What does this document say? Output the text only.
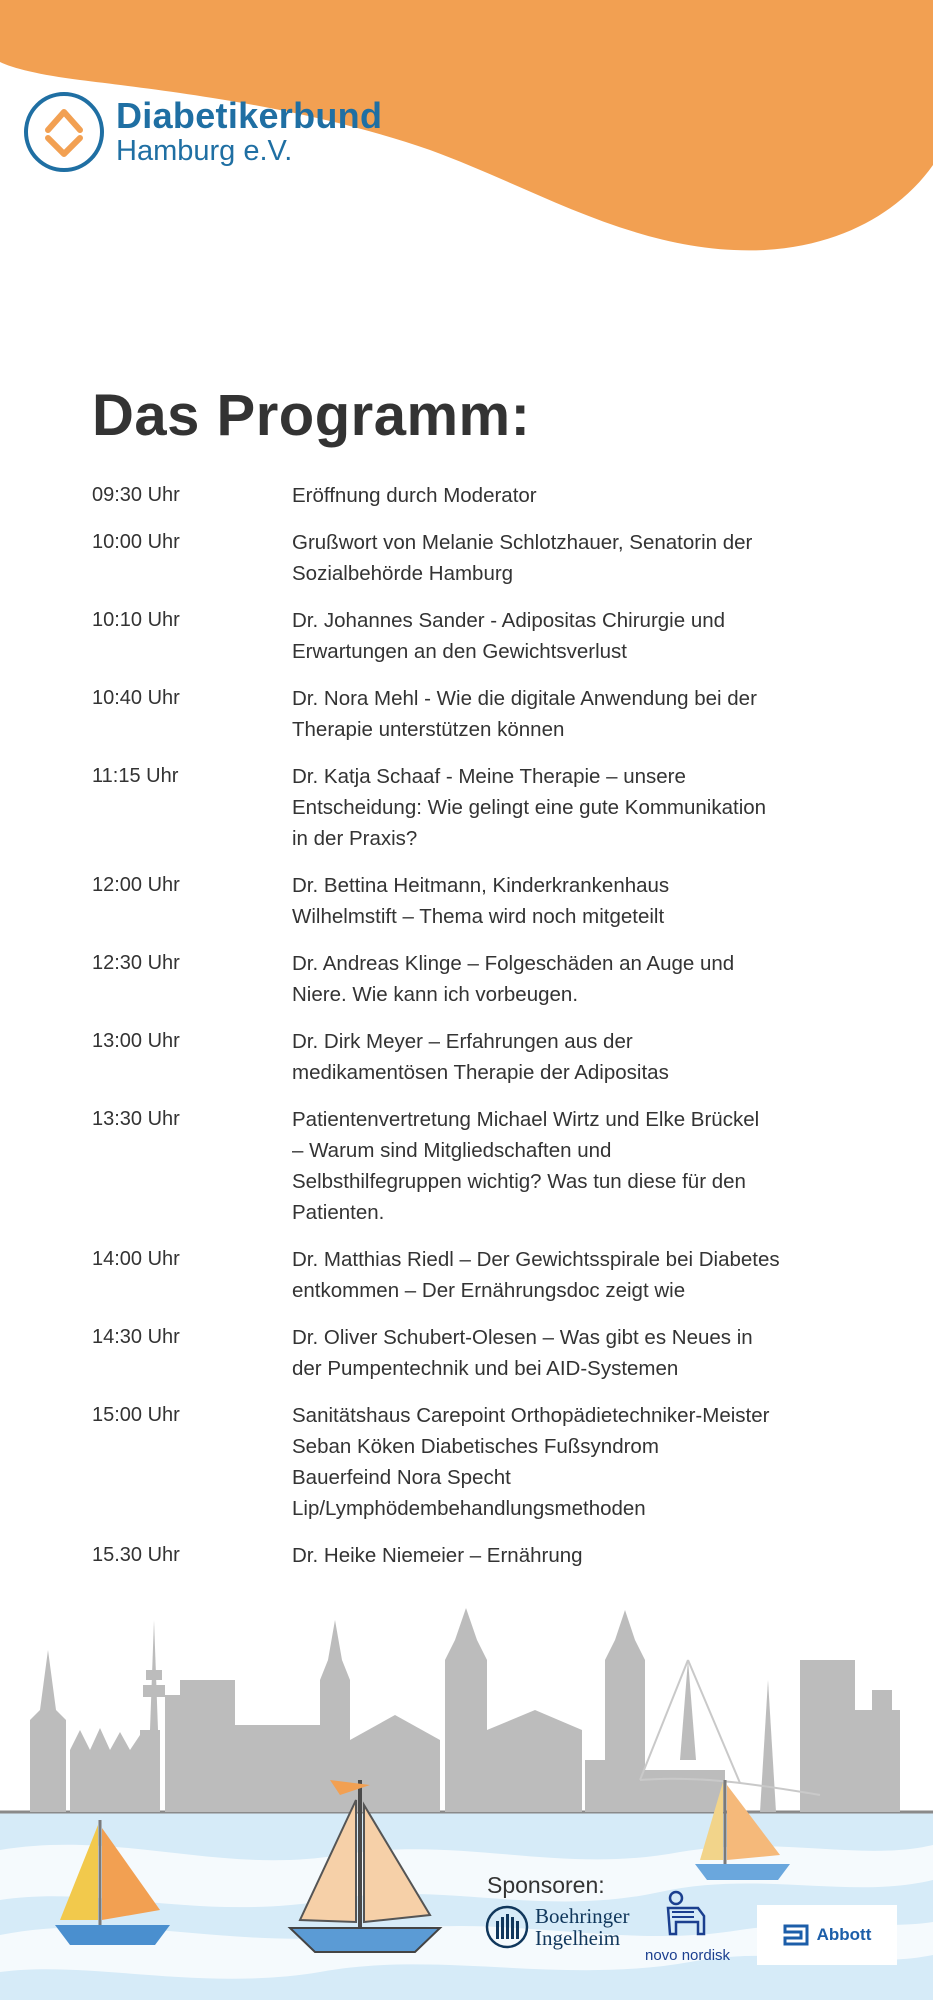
Diabetikerbund
Hamburg e.V.
Das Programm:
09:30 Uhr	Eröffnung durch Moderator
10:00 Uhr	Grußwort von Melanie Schlotzhauer, Senatorin der
Sozialbehörde Hamburg
10:10 Uhr	Dr. Johannes Sander - Adipositas Chirurgie und
Erwartungen an den Gewichtsverlust
10:40 Uhr	Dr. Nora Mehl - Wie die digitale Anwendung bei der
Therapie unterstützen können
11:15 Uhr	Dr. Katja Schaaf - Meine Therapie – unsere
Entscheidung: Wie gelingt eine gute Kommunikation
in der Praxis?
12:00 Uhr	Dr. Bettina Heitmann, Kinderkrankenhaus
Wilhelmstift – Thema wird noch mitgeteilt
12:30 Uhr	Dr. Andreas Klinge – Folgeschäden an Auge und
Niere. Wie kann ich vorbeugen.
13:00 Uhr	Dr. Dirk Meyer – Erfahrungen aus der
medikamentösen Therapie der Adipositas
13:30 Uhr	Patientenvertretung Michael Wirtz und Elke Brückel
– Warum sind Mitgliedschaften und
Selbsthilfegruppen wichtig? Was tun diese für den
Patienten.
14:00 Uhr	Dr. Matthias Riedl – Der Gewichtsspirale bei Diabetes
entkommen – Der Ernährungsdoc zeigt wie
14:30 Uhr	Dr. Oliver Schubert-Olesen – Was gibt es Neues in
der Pumpentechnik und bei AID-Systemen
15:00 Uhr	Sanitätshaus Carepoint Orthopädietechniker-Meister
Seban Köken Diabetisches Fußsyndrom
Bauerfeind Nora Specht
Lip/Lymphödembehandlungsmethoden
15.30 Uhr	Dr. Heike Niemeier – Ernährung
Sponsoren:
Boehringer
Ingelheim
novo nordisk
Abbott
